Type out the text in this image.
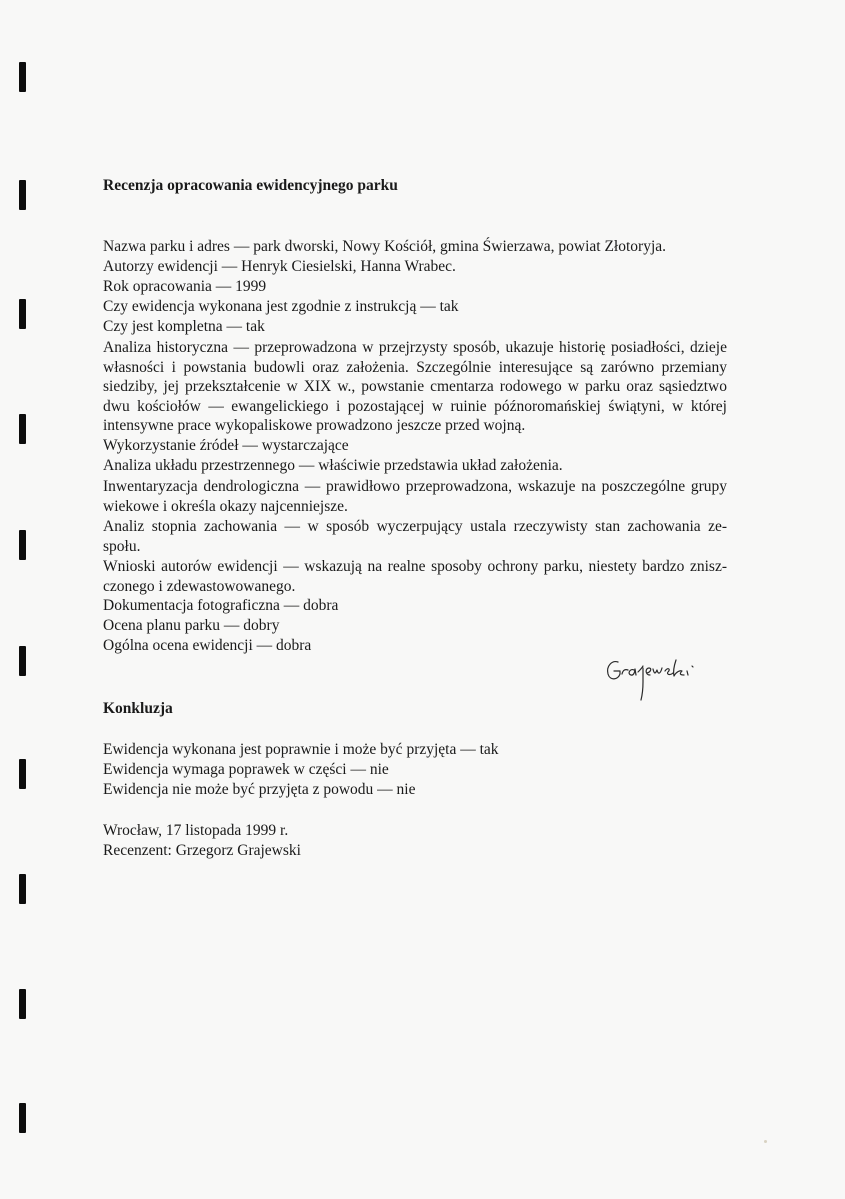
Recenzja opracowania ewidencyjnego parku
Nazwa parku i adres — park dworski, Nowy Kościół, gmina Świerzawa, powiat Złotoryja.
Autorzy ewidencji — Henryk Ciesielski, Hanna Wrabec.
Rok opracowania — 1999
Czy ewidencja wykonana jest zgodnie z instrukcją — tak
Czy jest kompletna — tak
Analiza historyczna — przeprowadzona w przejrzysty sposób, ukazuje historię posiadłości, dzieje
własności i powstania budowli oraz założenia. Szczególnie interesujące są zarówno przemiany
siedziby, jej przekształcenie w XIX w., powstanie cmentarza rodowego w parku oraz sąsiedztwo
dwu kościołów — ewangelickiego i pozostającej w ruinie późnoromańskiej świątyni, w której
intensywne prace wykopaliskowe prowadzono jeszcze przed wojną.
Wykorzystanie źródeł — wystarczające
Analiza układu przestrzennego — właściwie przedstawia układ założenia.
Inwentaryzacja dendrologiczna — prawidłowo przeprowadzona, wskazuje na poszczególne grupy
wiekowe i określa okazy najcenniejsze.
Analiz stopnia zachowania — w sposób wyczerpujący ustala rzeczywisty stan zachowania ze-
społu.
Wnioski autorów ewidencji — wskazują na realne sposoby ochrony parku, niestety bardzo znisz-
czonego i zdewastowowanego.
Dokumentacja fotograficzna — dobra
Ocena planu parku — dobry
Ogólna ocena ewidencji — dobra
Konkluzja
Ewidencja wykonana jest poprawnie i może być przyjęta — tak
Ewidencja wymaga poprawek w części — nie
Ewidencja nie może być przyjęta z powodu — nie
Wrocław, 17 listopada 1999 r.
Recenzent: Grzegorz Grajewski
